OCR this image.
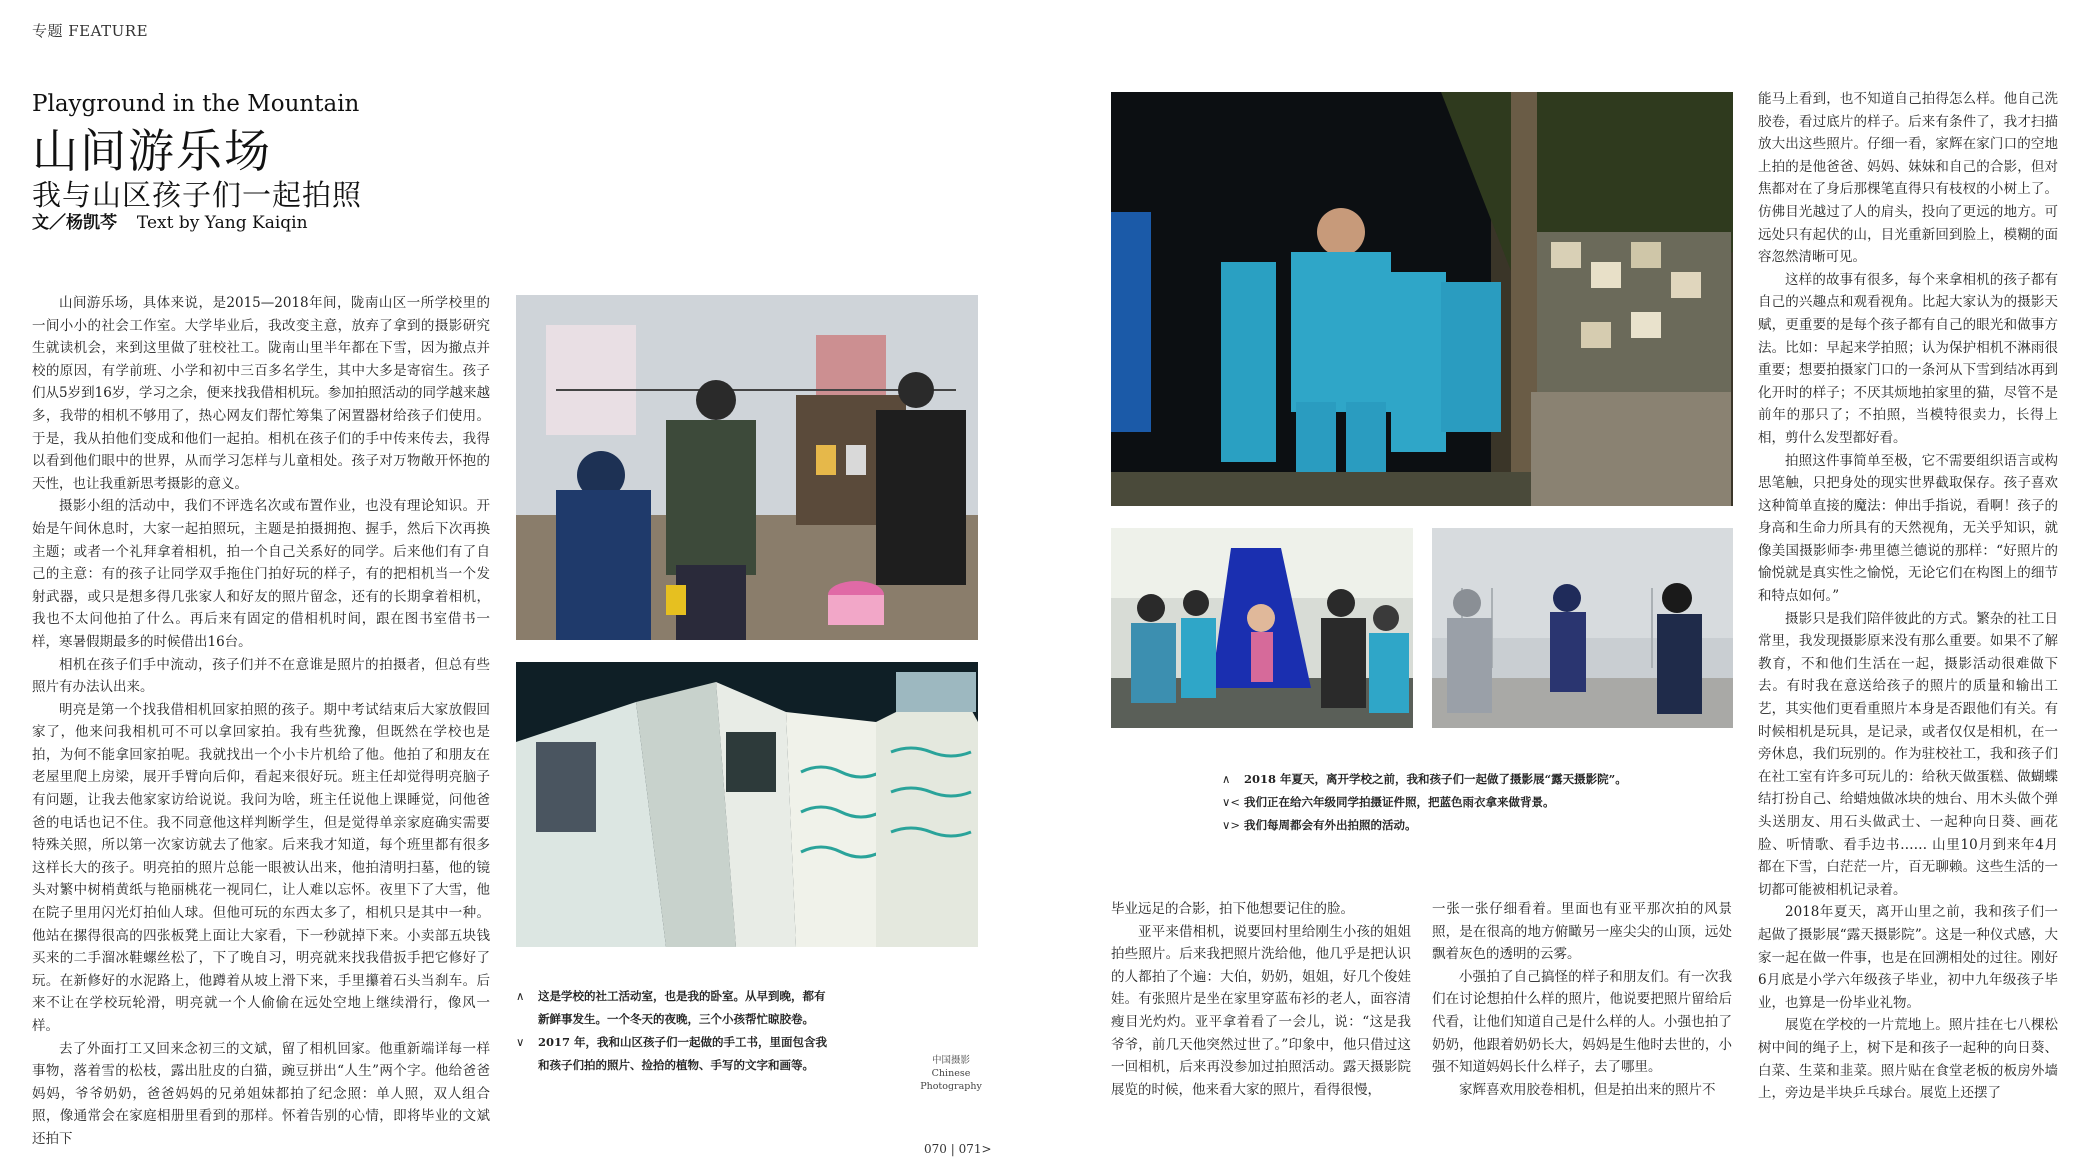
专题 FEATURE
Playground in the Mountain
山间游乐场
我与山区孩子们一起拍照
文／杨凯芩 Text by Yang Kaiqin

山间游乐场，具体来说，是2015—2018年间，陇南山区一所学校里的一间小小的社会工作室。大学毕业后，我改变主意，放弃了拿到的摄影研究生就读机会，来到这里做了驻校社工。陇南山里半年都在下雪，因为撤点并校的原因，有学前班、小学和初中三百多名学生，其中大多是寄宿生。孩子们从5岁到16岁，学习之余，便来找我借相机玩。参加拍照活动的同学越来越多，我带的相机不够用了，热心网友们帮忙筹集了闲置器材给孩子们使用。于是，我从拍他们变成和他们一起拍。相机在孩子们的手中传来传去，我得以看到他们眼中的世界，从而学习怎样与儿童相处。孩子对万物敞开怀抱的天性，也让我重新思考摄影的意义。

摄影小组的活动中，我们不评选名次或布置作业，也没有理论知识。开始是午间休息时，大家一起拍照玩，主题是拍摄拥抱、握手，然后下次再换主题；或者一个礼拜拿着相机，拍一个自己关系好的同学。后来他们有了自己的主意：有的孩子让同学双手拖住门拍好玩的样子，有的把相机当一个发射武器，或只是想多得几张家人和好友的照片留念，还有的长期拿着相机，我也不太问他拍了什么。再后来有固定的借相机时间，跟在图书室借书一样，寒暑假期最多的时候借出16台。

相机在孩子们手中流动，孩子们并不在意谁是照片的拍摄者，但总有些照片有办法认出来。

明亮是第一个找我借相机回家拍照的孩子。期中考试结束后大家放假回家了，他来问我相机可不可以拿回家拍。我有些犹豫，但既然在学校也是拍，为何不能拿回家拍呢。我就找出一个小卡片机给了他。他拍了和朋友在老屋里爬上房梁，展开手臂向后仰，看起来很好玩。班主任却觉得明亮脑子有问题，让我去他家家访给说说。我问为啥，班主任说他上课睡觉，问他爸爸的电话也记不住。我不同意他这样判断学生，但是觉得单亲家庭确实需要特殊关照，所以第一次家访就去了他家。后来我才知道，每个班里都有很多这样长大的孩子。明亮拍的照片总能一眼被认出来，他拍清明扫墓，他的镜头对繁中树梢黄纸与艳丽桃花一视同仁，让人难以忘怀。夜里下了大雪，他在院子里用闪光灯拍仙人球。但他可玩的东西太多了，相机只是其中一种。他站在摞得很高的四张板凳上面让大家看，下一秒就掉下来。小卖部五块钱买来的二手溜冰鞋螺丝松了，下了晚自习，明亮就来找我借扳手把它修好了玩。在新修好的水泥路上，他蹲着从坡上滑下来，手里攥着石头当刹车。后来不让在学校玩轮滑，明亮就一个人偷偷在远处空地上继续滑行，像风一样。

去了外面打工又回来念初三的文斌，留了相机回家。他重新端详每一样事物，落着雪的松枝，露出肚皮的白猫，豌豆拼出“人生”两个字。他给爸爸妈妈，爷爷奶奶，爸爸妈妈的兄弟姐妹都拍了纪念照：单人照，双人组合照，像通常会在家庭相册里看到的那样。怀着告别的心情，即将毕业的文斌还拍下

∧ 这是学校的社工活动室，也是我的卧室。从早到晚，都有
新鲜事发生。一个冬天的夜晚，三个小孩帮忙晾胶卷。
∨ 2017 年，我和山区孩子们一起做的手工书，里面包含我
和孩子们拍的照片、捡拾的植物、手写的文字和画等。	中国摄影
Chinese
Photography
∧ 2018 年夏天，离开学校之前，我和孩子们一起做了摄影展“露天摄影院”。
∨< 我们正在给六年级同学拍摄证件照，把蓝色雨衣拿来做背景。
∨> 我们每周都会有外出拍照的活动。

毕业远足的合影，拍下他想要记住的脸。

亚平来借相机，说要回村里给刚生小孩的姐姐拍些照片。后来我把照片洗给他，他几乎是把认识的人都拍了个遍：大伯，奶奶，姐姐，好几个俊娃娃。有张照片是坐在家里穿蓝布衫的老人，面容清瘦目光灼灼。亚平拿着看了一会儿，说：“这是我爷爷，前几天他突然过世了。”印象中，他只借过这一回相机，后来再没参加过拍照活动。露天摄影院展览的时候，他来看大家的照片，看得很慢，

一张一张仔细看着。里面也有亚平那次拍的风景照，是在很高的地方俯瞰另一座尖尖的山顶，远处飘着灰色的透明的云雾。

小强拍了自己搞怪的样子和朋友们。有一次我们在讨论想拍什么样的照片，他说要把照片留给后代看，让他们知道自己是什么样的人。小强也拍了奶奶，他跟着奶奶长大，妈妈是生他时去世的，小强不知道妈妈长什么样子，去了哪里。

家辉喜欢用胶卷相机，但是拍出来的照片不

能马上看到，也不知道自己拍得怎么样。他自己洗胶卷，看过底片的样子。后来有条件了，我才扫描放大出这些照片。仔细一看，家辉在家门口的空地上拍的是他爸爸、妈妈、妹妹和自己的合影，但对焦都对在了身后那棵笔直得只有枝杈的小树上了。仿佛目光越过了人的肩头，投向了更远的地方。可远处只有起伏的山，目光重新回到脸上，模糊的面容忽然清晰可见。

这样的故事有很多，每个来拿相机的孩子都有自己的兴趣点和观看视角。比起大家认为的摄影天赋，更重要的是每个孩子都有自己的眼光和做事方法。比如：早起来学拍照；认为保护相机不淋雨很重要；想要拍摄家门口的一条河从下雪到结冰再到化开时的样子；不厌其烦地拍家里的猫，尽管不是前年的那只了；不拍照，当模特很卖力，长得上相，剪什么发型都好看。

拍照这件事简单至极，它不需要组织语言或构思笔触，只把身处的现实世界截取保存。孩子喜欢这种简单直接的魔法：伸出手指说，看啊！孩子的身高和生命力所具有的天然视角，无关乎知识，就像美国摄影师李·弗里德兰德说的那样：“好照片的愉悦就是真实性之愉悦，无论它们在构图上的细节和特点如何。”

摄影只是我们陪伴彼此的方式。繁杂的社工日常里，我发现摄影原来没有那么重要。如果不了解教育，不和他们生活在一起，摄影活动很难做下去。有时我在意送给孩子的照片的质量和输出工艺，其实他们更看重照片本身是否跟他们有关。有时候相机是玩具，是记录，或者仅仅是相机，在一旁休息，我们玩别的。作为驻校社工，我和孩子们在社工室有许多可玩儿的：给秋天做蛋糕、做蝴蝶结打扮自己、给蜡烛做冰块的烛台、用木头做个弹头送朋友、用石头做武士、一起种向日葵、画花脸、听情歌、看手边书…… 山里10月到来年4月都在下雪，白茫茫一片，百无聊赖。这些生活的一切都可能被相机记录着。

2018年夏天，离开山里之前，我和孩子们一起做了摄影展“露天摄影院”。这是一种仪式感，大家一起在做一件事，也是在回溯相处的过往。刚好6月底是小学六年级孩子毕业，初中九年级孩子毕业，也算是一份毕业礼物。

展览在学校的一片荒地上。照片挂在七八棵松树中间的绳子上，树下是和孩子一起种的向日葵、白菜、生菜和韭菜。照片贴在食堂老板的板房外墙上，旁边是半块乒乓球台。展览上还摆了

070 | 071>
